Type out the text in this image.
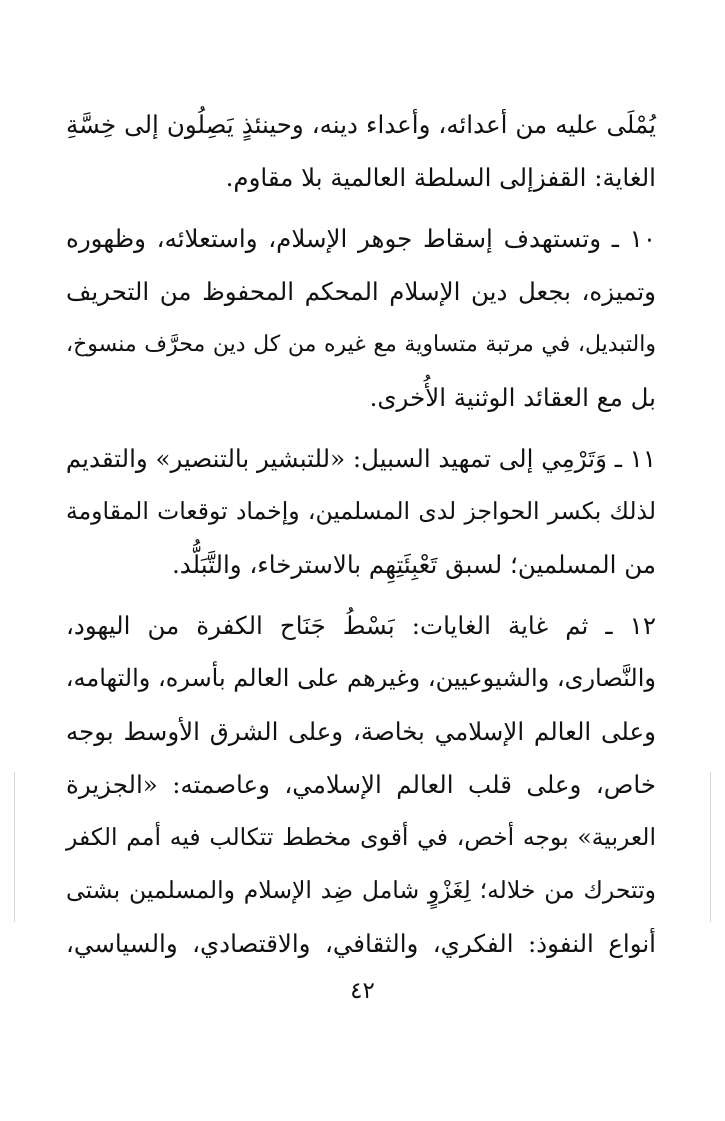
يُمْلَى عليه من أعدائه، وأعداء دينه، وحينئذٍ يَصِلُون إلى خِسَّةِ
الغاية: القفزإلى السلطة العالمية بلا مقاوم.
١٠ ـ وتستهدف إسقاط جوهر الإسلام، واستعلائه، وظهوره
وتميزه، بجعل دين الإسلام المحكم المحفوظ من التحريف
والتبديل، في مرتبة متساوية مع غيره من كل دين محرَّف منسوخ،
بل مع العقائد الوثنية الأُخرى.
١١ ـ وَتَرْمِي إلى تمهيد السبيل: «للتبشير بالتنصير» والتقديم
لذلك بكسر الحواجز لدى المسلمين، وإخماد توقعات المقاومة
من المسلمين؛ لسبق تَعْبِئَتِهِم بالاسترخاء، والتَّبَلُّد.
١٢ ـ ثم غاية الغايات: بَسْطُ جَنَاح الكفرة من اليهود،
والنَّصارى، والشيوعيين، وغيرهم على العالم بأسره، والتهامه،
وعلى العالم الإسلامي بخاصة، وعلى الشرق الأوسط بوجه
خاص، وعلى قلب العالم الإسلامي، وعاصمته: «الجزيرة
العربية» بوجه أخص، في أقوى مخطط تتكالب فيه أمم الكفر
وتتحرك من خلاله؛ لِغَزْوٍ شامل ضِد الإسلام والمسلمين بشتى
أنواع النفوذ: الفكري، والثقافي، والاقتصادي، والسياسي،
٤٢
